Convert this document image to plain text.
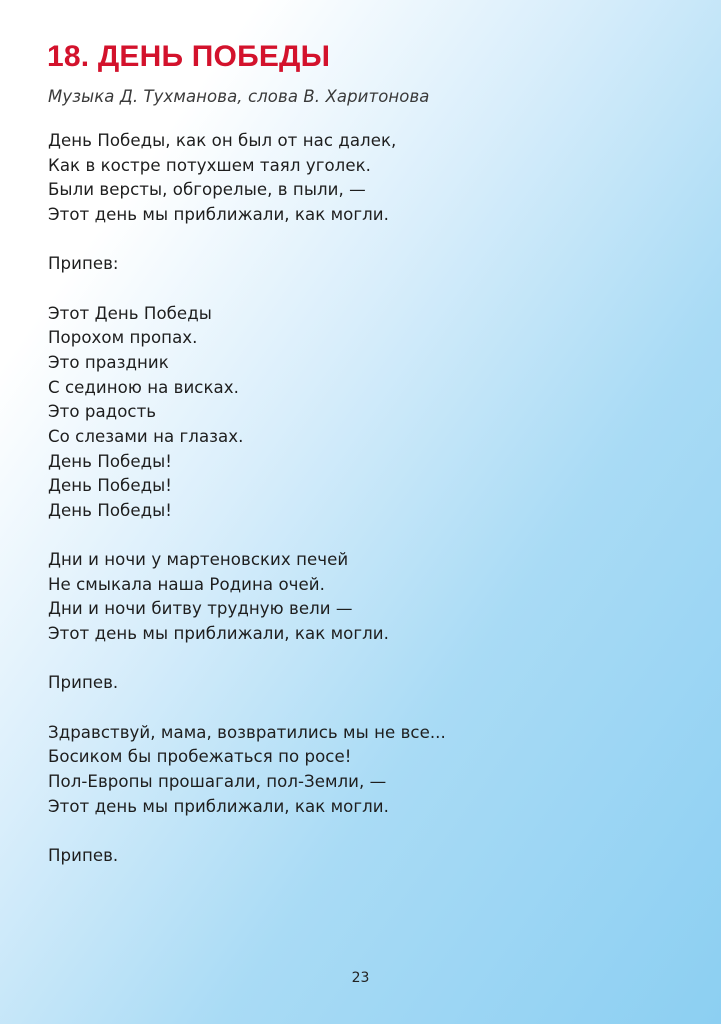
18. ДЕНЬ ПОБЕДЫ
Музыка Д. Тухманова, слова В. Харитонова
День Победы, как он был от нас далек,
Как в костре потухшем таял уголек.
Были версты, обгорелые, в пыли, —
Этот день мы приближали, как могли.
Припев:
Этот День Победы
Порохом пропах.
Это праздник
С сединою на висках.
Это радость
Со слезами на глазах.
День Победы!
День Победы!
День Победы!
Дни и ночи у мартеновских печей
Не смыкала наша Родина очей.
Дни и ночи битву трудную вели —
Этот день мы приближали, как могли.
Припев.
Здравствуй, мама, возвратились мы не все...
Босиком бы пробежаться по росе!
Пол-Европы прошагали, пол-Земли, —
Этот день мы приближали, как могли.
Припев.
23
